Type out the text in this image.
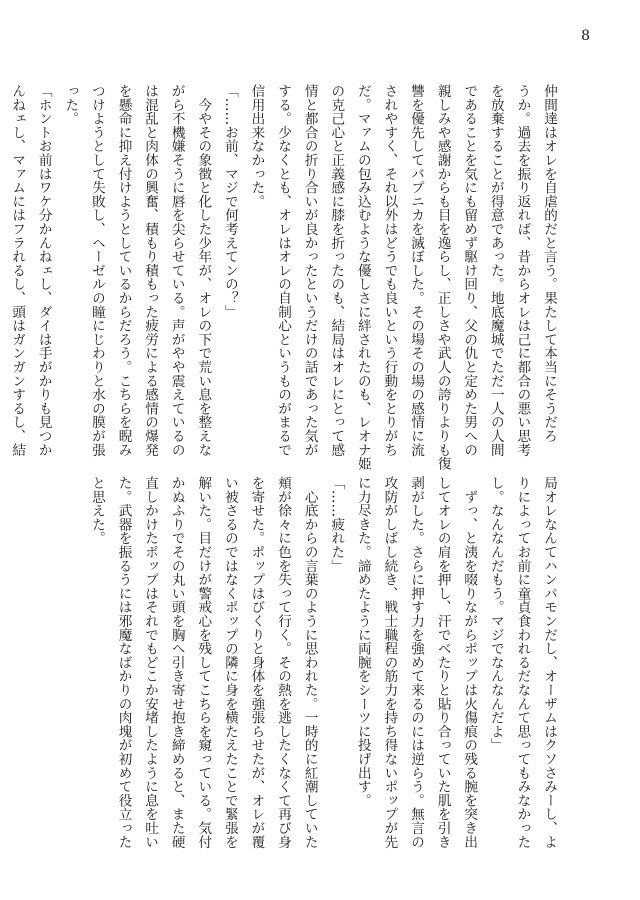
8
仲間達はオレを自虐的だと言う。果たして本当にそうだろ
うか。過去を振り返れば、昔からオレは己に都合の悪い思考
を放棄することが得意であった。地底魔城でただ一人の人間
であることを気にも留めず駆け回り、父の仇と定めた男への
親しみや感謝からも目を逸らし、正しさや武人の誇りよりも復
讐を優先してバプニカを滅ぼした。その場その場の感情に流
されやすく、それ以外はどうでも良いという行動をとりがち
だ。マァムの包み込むような優しさに絆されたのも、レオナ姫
の克己心と正義感に膝を折ったのも、結局はオレにとって感
情と都合の折り合いが良かったというだけの話であった気が
する。少なくとも、オレはオレの自制心というものがまるで
信用出来なかった。
「……お前、マジで何考えてンの？」
　今やその象徴と化した少年が、オレの下で荒い息を整えな
がら不機嫌そうに唇を尖らせている。声がやや震えているの
は混乱と肉体の興奮、積もり積もった疲労による感情の爆発
を懸命に抑え付けようとしているからだろう。こちらを睨み
つけようとして失敗し、ヘーゼルの瞳にじわりと水の膜が張
った。
「ホントお前はワケ分かんねェし、ダイは手がかりも見つか
んねェし、マァムにはフラれるし、頭はガンガンするし、結
局オレなんてハンパモンだし、オーザムはクソさみーし、よ
りによってお前に童貞食われるだなんて思ってもみなかった
し。なんなんだもう。マジでなんなんだよ」
　ずっ、と洟を啜りながらポップは火傷痕の残る腕を突き出
してオレの肩を押し、汗でべたりと貼り合っていた肌を引き
剥がした。さらに押す力を強めて来るのには逆らう。無言の
攻防がしばし続き、戦士職程の筋力を持ち得ないポップが先
に力尽きた。諦めたように両腕をシーツに投げ出す。
「……疲れた」
　心底からの言葉のように思われた。一時的に紅潮していた
頬が徐々に色を失って行く。その熱を逃したくなくて再び身
を寄せた。ポップはびくりと身体を強張らせたが、オレが覆
い被さるのではなくポップの隣に身を横たえたことで緊張を
解いた。目だけが警戒心を残してこちらを窺っている。気付
かぬふりでその丸い頭を胸へ引き寄せ抱き締めると、また硬
直しかけたポップはそれでもどこか安堵したように息を吐い
た。武器を振るうには邪魔なばかりの肉塊が初めて役立った
と思えた。
